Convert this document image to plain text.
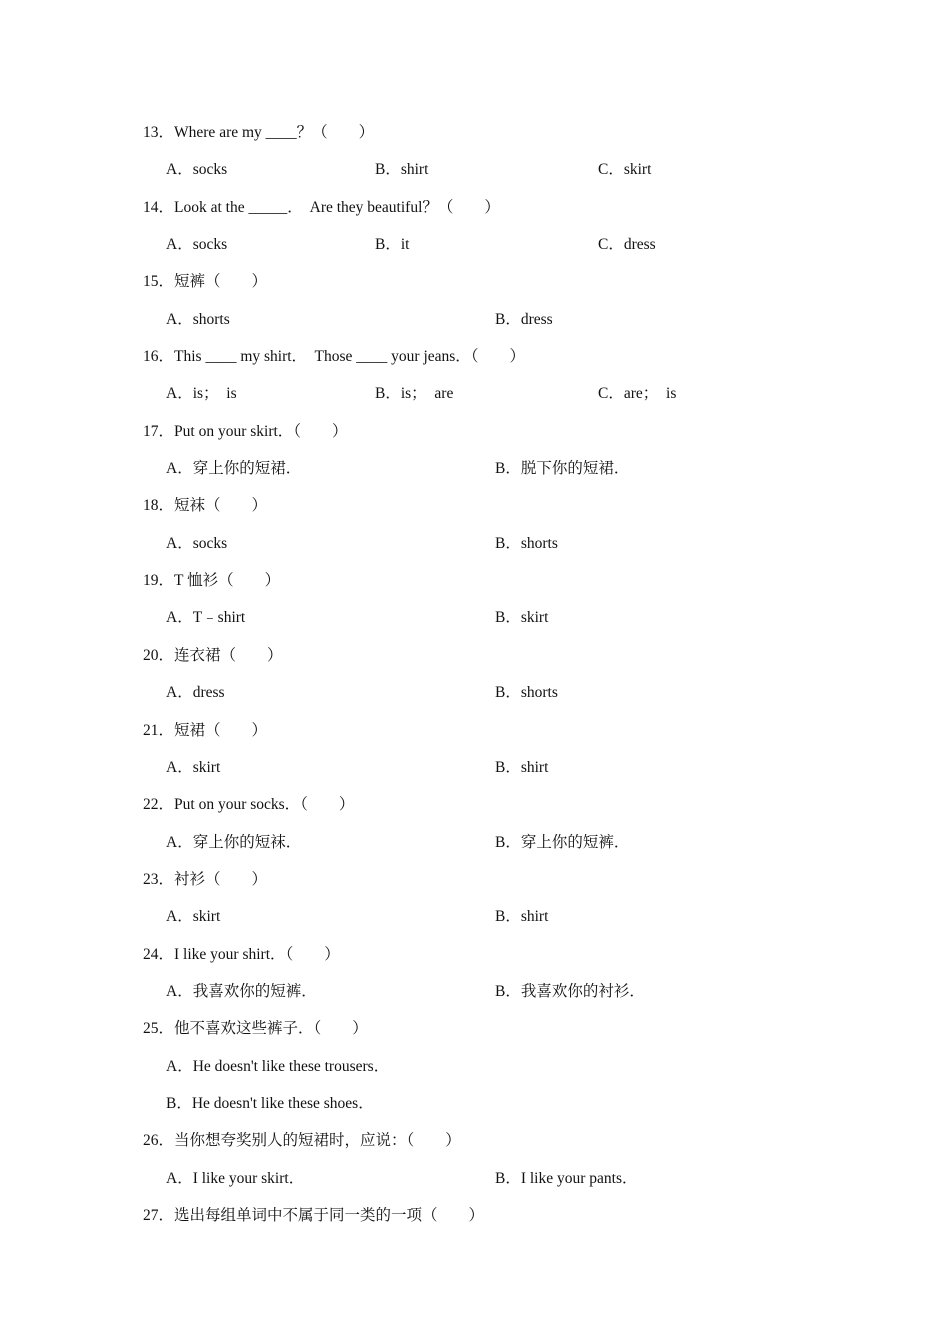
13．Where are my ____？（　　）
A．socks	B．shirt	C．skirt
14．Look at the _____．  Are they beautiful？（　　）
A．socks	B．it	C．dress
15．短裤（　　）
A．shorts	B．dress
16．This ____ my shirt．  Those ____ your jeans．（　　）
A．is；  is	B．is；  are	C．are；  is
17．Put on your skirt．（　　）
A．穿上你的短裙．	B．脱下你的短裙．
18．短袜（　　）
A．socks	B．shorts
19．T 恤衫（　　）
A．T﹣shirt	B．skirt
20．连衣裙（　　）
A．dress	B．shorts
21．短裙（　　）
A．skirt	B．shirt
22．Put on your socks．（　　）
A．穿上你的短袜．	B．穿上你的短裤．
23．衬衫（　　）
A．skirt	B．shirt
24．I like your shirt．（　　）
A．我喜欢你的短裤．	B．我喜欢你的衬衫．
25．他不喜欢这些裤子．（　　）
A．He doesn't like these trousers．
B．He doesn't like these shoes．
26．当你想夸奖别人的短裙时，应说：（　　）
A．I like your skirt．	B．I like your pants．
27．选出每组单词中不属于同一类的一项（　　）
